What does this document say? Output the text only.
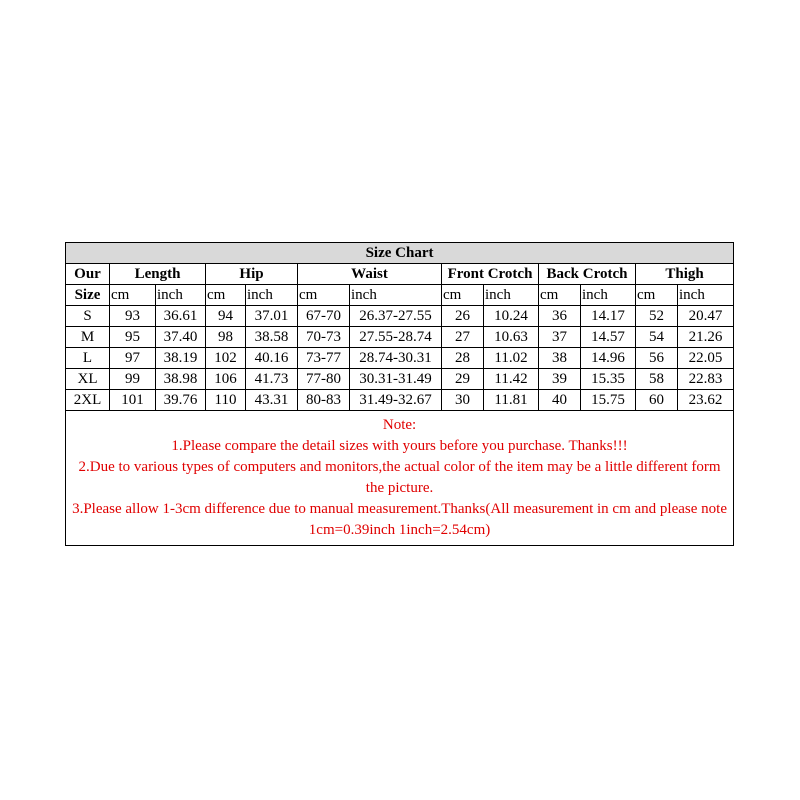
Size Chart												
Our	Length		Hip		Waist		Front Crotch		Back Crotch		Thigh	
Size	cm	inch	cm	inch	cm	inch	cm	inch	cm	inch	cm	inch
S	93	36.61	94	37.01	67-70	26.37-27.55	26	10.24	36	14.17	52	20.47
M	95	37.40	98	38.58	70-73	27.55-28.74	27	10.63	37	14.57	54	21.26
L	97	38.19	102	40.16	73-77	28.74-30.31	28	11.02	38	14.96	56	22.05
XL	99	38.98	106	41.73	77-80	30.31-31.49	29	11.42	39	15.35	58	22.83
2XL	101	39.76	110	43.31	80-83	31.49-32.67	30	11.81	40	15.75	60	23.62

Note:
1.Please compare the detail sizes with yours before you purchase. Thanks!!!
2.Due to various types of computers and monitors,the actual color of the item may be a little different form the picture.
3.Please allow 1-3cm difference due to manual measurement.Thanks(All measurement in cm and please note 1cm=0.39inch 1inch=2.54cm)												
